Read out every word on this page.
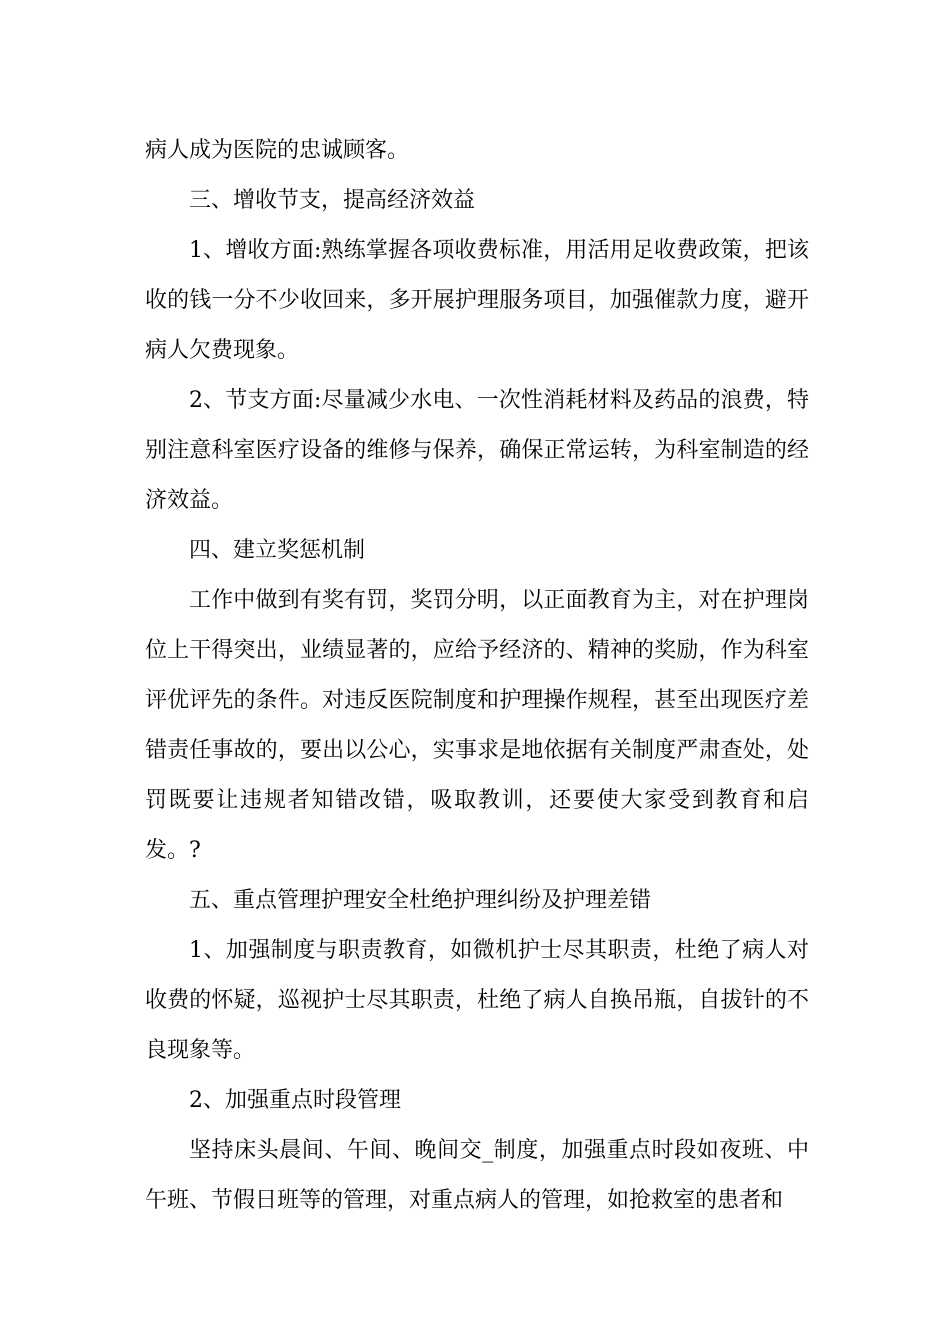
病人成为医院的忠诚顾客。

三、增收节支，提高经济效益

1、增收方面:熟练掌握各项收费标准，用活用足收费政策，把该收的钱一分不少收回来，多开展护理服务项目，加强催款力度，避开病人欠费现象。

2、节支方面:尽量减少水电、一次性消耗材料及药品的浪费，特别注意科室医疗设备的维修与保养，确保正常运转，为科室制造的经济效益。

四、建立奖惩机制

工作中做到有奖有罚，奖罚分明，以正面教育为主，对在护理岗位上干得突出，业绩显著的，应给予经济的、精神的奖励，作为科室评优评先的条件。对违反医院制度和护理操作规程，甚至出现医疗差错责任事故的，要出以公心，实事求是地依据有关制度严肃查处，处罚既要让违规者知错改错，吸取教训，还要使大家受到教育和启发。?

五、重点管理护理安全杜绝护理纠纷及护理差错

1、加强制度与职责教育，如微机护士尽其职责，杜绝了病人对收费的怀疑，巡视护士尽其职责，杜绝了病人自换吊瓶，自拔针的不良现象等。

2、加强重点时段管理

坚持床头晨间、午间、晚间交_制度，加强重点时段如夜班、中午班、节假日班等的管理，对重点病人的管理，如抢救室的患者和
